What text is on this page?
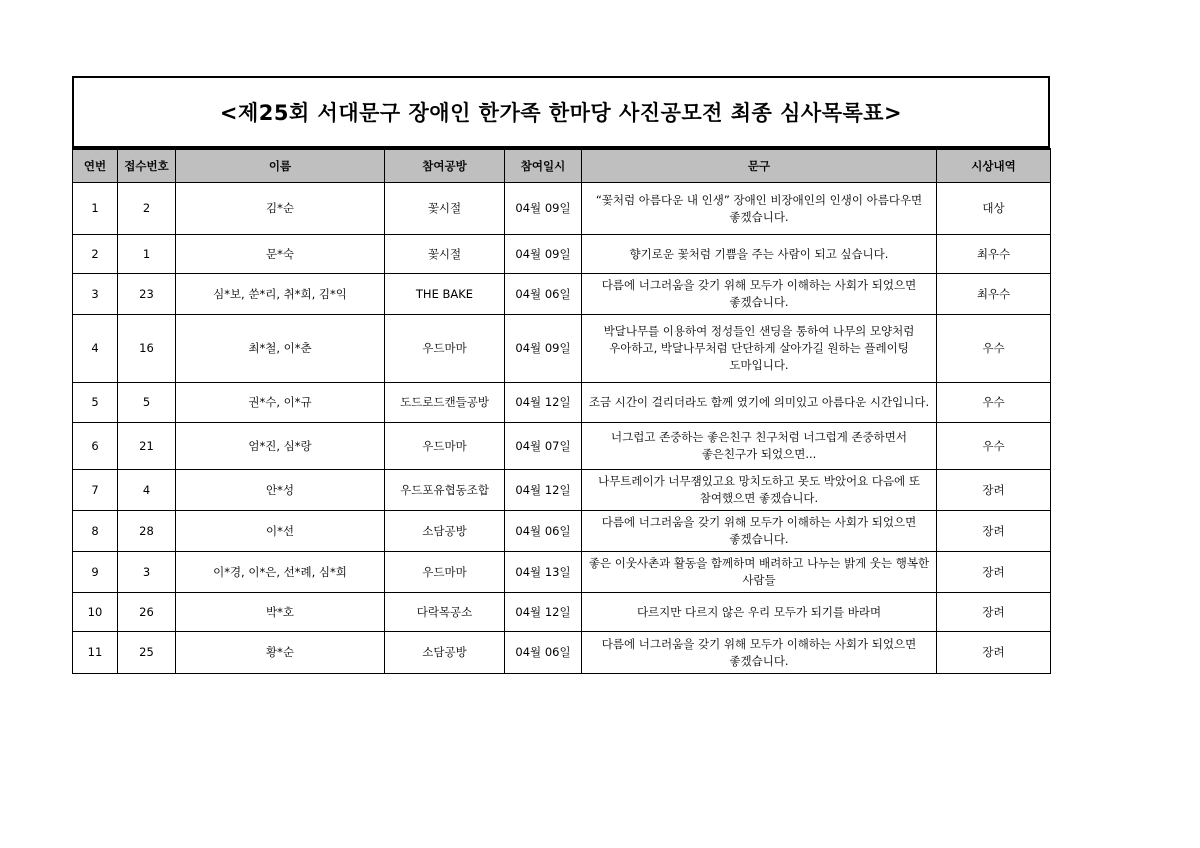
<제25회 서대문구 장애인 한가족 한마당 사진공모전 최종 심사목록표>
연번	접수번호	이름	참여공방	참여일시	문구	시상내역
1	2	김*순	꽃시절	04월 09일	“꽃처럼 아름다운 내 인생” 장애인 비장애인의 인생이 아름다우면 좋겠습니다.	대상
2	1	문*숙	꽃시절	04월 09일	향기로운 꽃처럼 기쁨을 주는 사람이 되고 싶습니다.	최우수
3	23	심*보, 쑨*리, 취*희, 김*익	THE BAKE	04월 06일	다름에 너그러움을 갖기 위해 모두가 이해하는 사회가 되었으면 좋겠습니다.	최우수
4	16	최*철, 이*춘	우드마마	04월 09일	박달나무를 이용하여 정성들인 샌딩을 통하여 나무의 모양처럼 우아하고, 박달나무처럼 단단하게 살아가길 원하는 플레이팅 도마입니다.	우수
5	5	권*수, 이*규	도드로드캔들공방	04월 12일	조금 시간이 걸리더라도 함께 였기에 의미있고 아름다운 시간입니다.	우수
6	21	엄*진, 심*랑	우드마마	04월 07일	너그럽고 존중하는 좋은친구 친구처럼 너그럽게 존중하면서 좋은친구가 되었으면...	우수
7	4	안*성	우드포유협동조합	04월 12일	나무트레이가 너무잼있고요 망치도하고 못도 박았어요 다음에 또 참여했으면 좋겠습니다.	장려
8	28	이*선	소담공방	04월 06일	다름에 너그러움을 갖기 위해 모두가 이해하는 사회가 되었으면 좋겠습니다.	장려
9	3	이*경, 이*은, 선*례, 심*희	우드마마	04월 13일	좋은 이웃사촌과 활동을 함께하며 배려하고 나누는 밝게 웃는 행복한 사람들	장려
10	26	박*호	다락목공소	04월 12일	다르지만 다르지 않은 우리 모두가 되기를 바라며	장려
11	25	황*순	소담공방	04월 06일	다름에 너그러움을 갖기 위해 모두가 이해하는 사회가 되었으면 좋겠습니다.	장려
